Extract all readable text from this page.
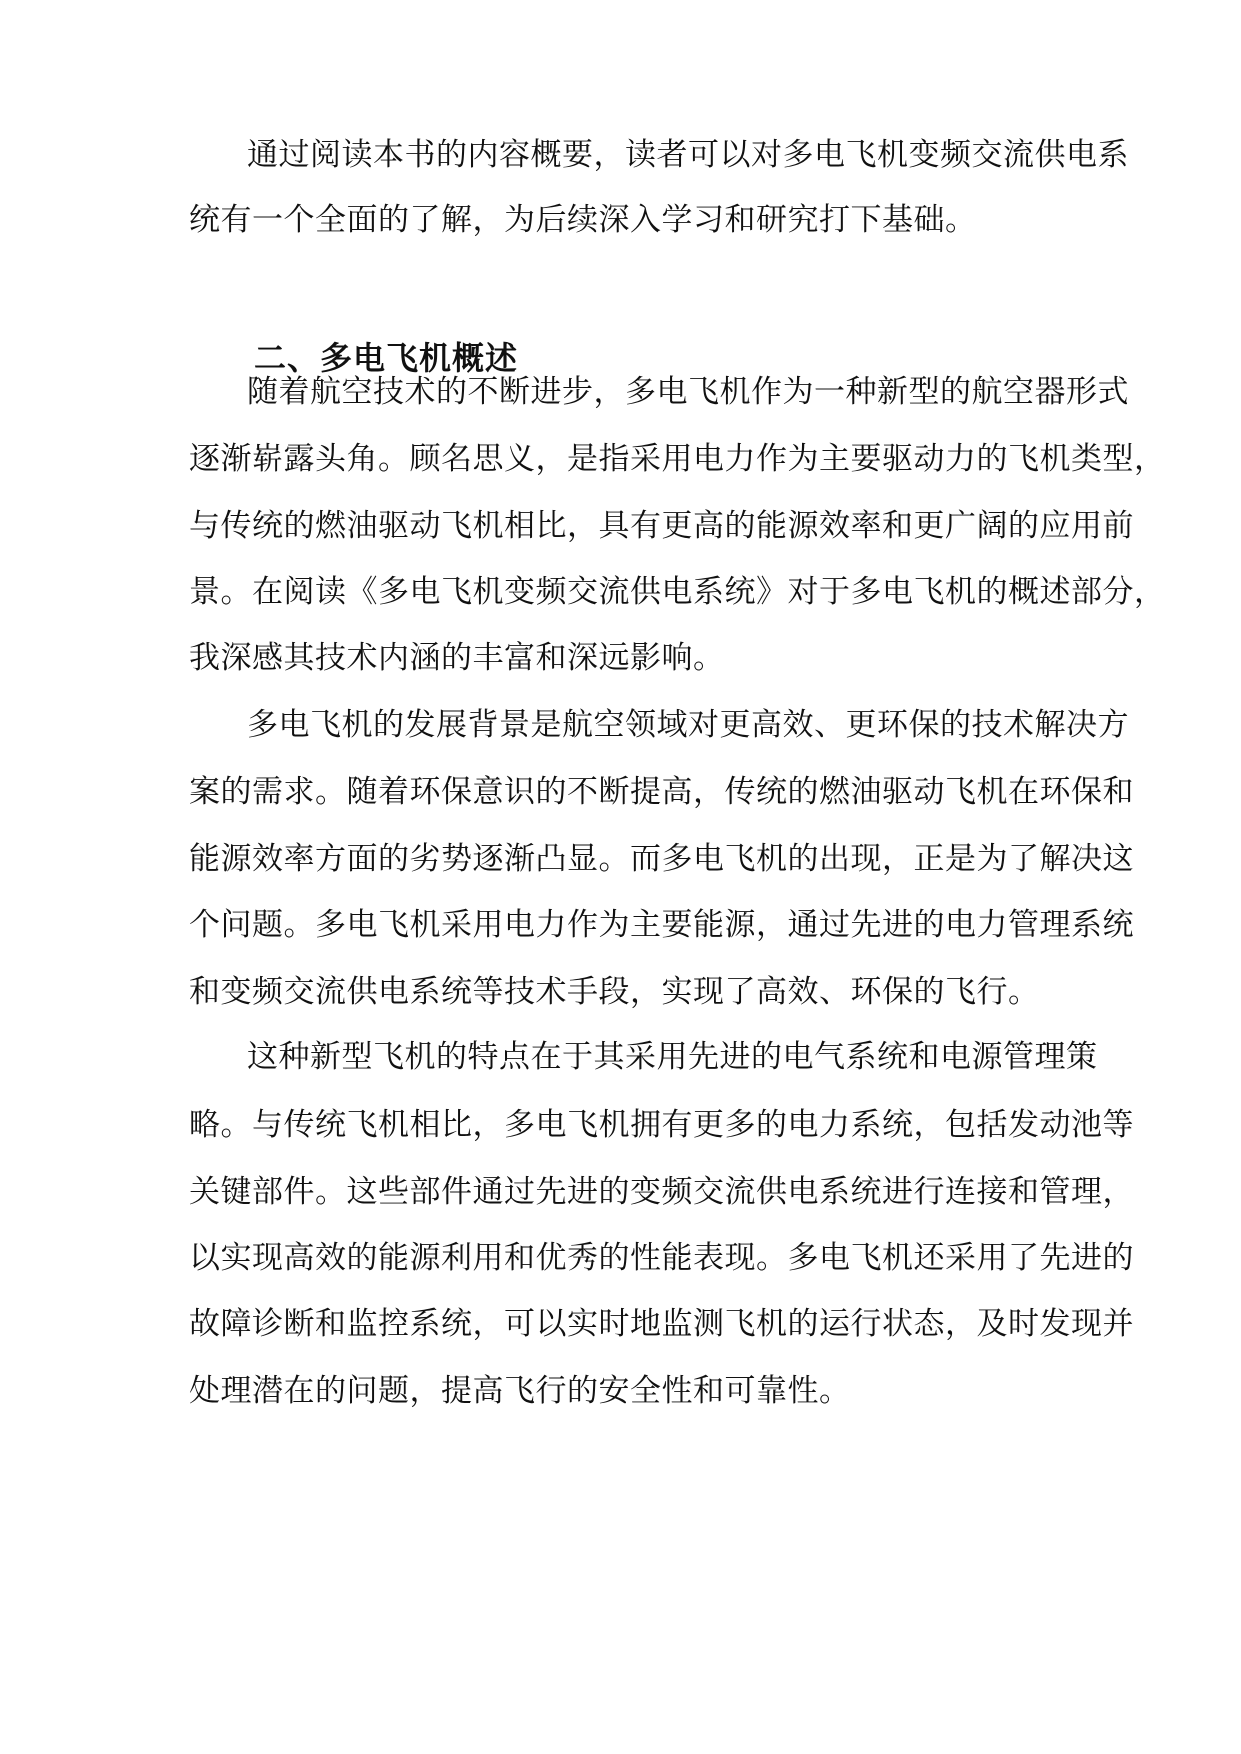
通过阅读本书的内容概要，读者可以对多电飞机变频交流供电系
统有一个全面的了解，为后续深入学习和研究打下基础。
二、多电飞机概述
随着航空技术的不断进步，多电飞机作为一种新型的航空器形式
逐渐崭露头角。顾名思义，是指采用电力作为主要驱动力的飞机类型，
与传统的燃油驱动飞机相比，具有更高的能源效率和更广阔的应用前
景。在阅读《多电飞机变频交流供电系统》对于多电飞机的概述部分，
我深感其技术内涵的丰富和深远影响。
多电飞机的发展背景是航空领域对更高效、更环保的技术解决方
案的需求。随着环保意识的不断提高，传统的燃油驱动飞机在环保和
能源效率方面的劣势逐渐凸显。而多电飞机的出现，正是为了解决这
个问题。多电飞机采用电力作为主要能源，通过先进的电力管理系统
和变频交流供电系统等技术手段，实现了高效、环保的飞行。
这种新型飞机的特点在于其采用先进的电气系统和电源管理策
略。与传统飞机相比，多电飞机拥有更多的电力系统，包括发动池等
关键部件。这些部件通过先进的变频交流供电系统进行连接和管理，
以实现高效的能源利用和优秀的性能表现。多电飞机还采用了先进的
故障诊断和监控系统，可以实时地监测飞机的运行状态，及时发现并
处理潜在的问题，提高飞行的安全性和可靠性。
